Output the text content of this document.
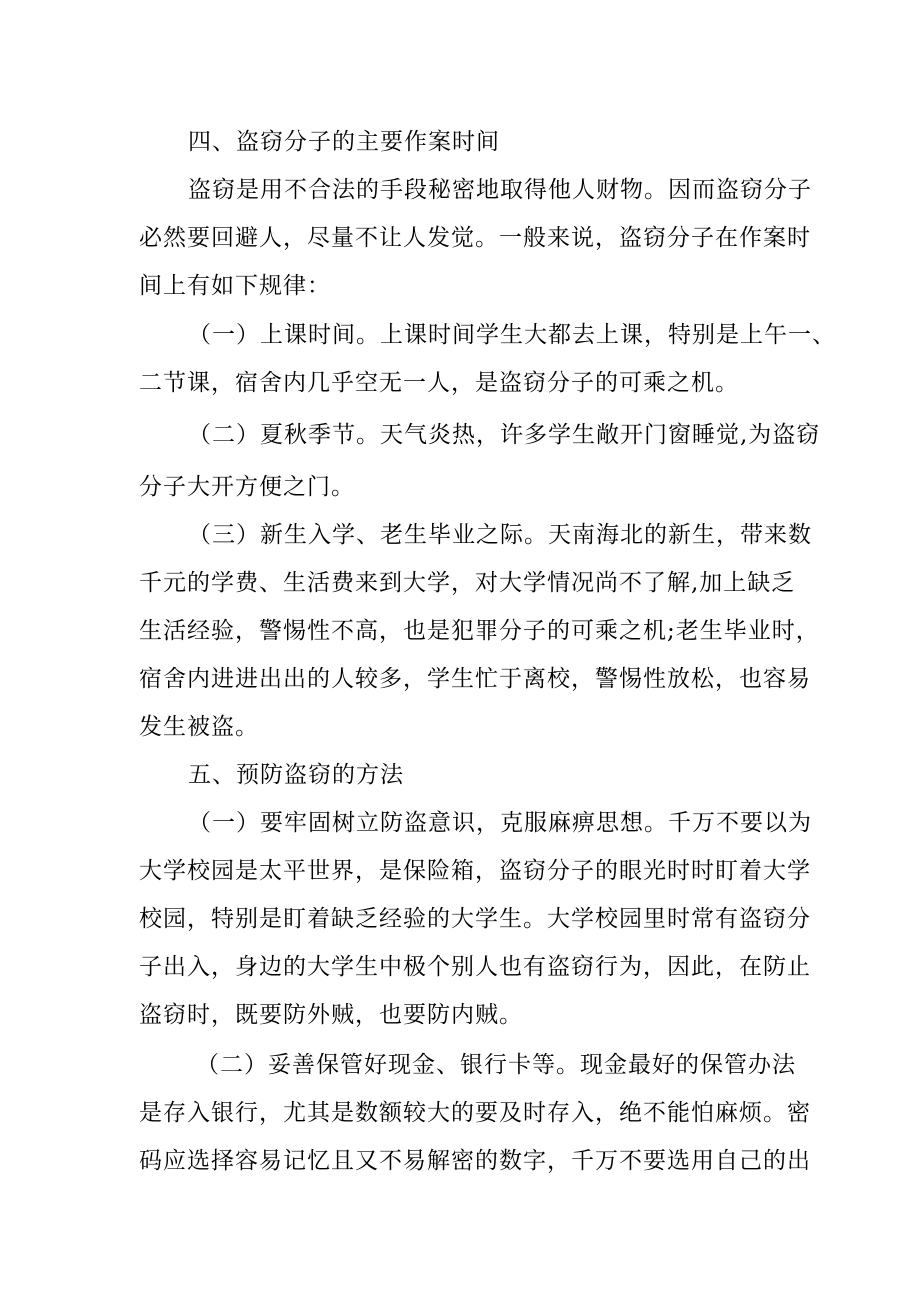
四、盗窃分子的主要作案时间
盗窃是用不合法的手段秘密地取得他人财物。因而盗窃分子
必然要回避人，尽量不让人发觉。一般来说，盗窃分子在作案时
间上有如下规律：
（一）上课时间。上课时间学生大都去上课，特别是上午一、
二节课，宿舍内几乎空无一人，是盗窃分子的可乘之机。
（二）夏秋季节。天气炎热，许多学生敞开门窗睡觉,为盗窃
分子大开方便之门。
（三）新生入学、老生毕业之际。天南海北的新生，带来数
千元的学费、生活费来到大学，对大学情况尚不了解,加上缺乏
生活经验，警惕性不高，也是犯罪分子的可乘之机;老生毕业时，
宿舍内进进出出的人较多，学生忙于离校，警惕性放松，也容易
发生被盗。
五、预防盗窃的方法
（一）要牢固树立防盗意识，克服麻痹思想。千万不要以为
大学校园是太平世界，是保险箱，盗窃分子的眼光时时盯着大学
校园，特别是盯着缺乏经验的大学生。大学校园里时常有盗窃分
子出入，身边的大学生中极个别人也有盗窃行为，因此，在防止
盗窃时，既要防外贼，也要防内贼。
（二）妥善保管好现金、银行卡等。现金最好的保管办法
是存入银行，尤其是数额较大的要及时存入，绝不能怕麻烦。密
码应选择容易记忆且又不易解密的数字，千万不要选用自己的出
